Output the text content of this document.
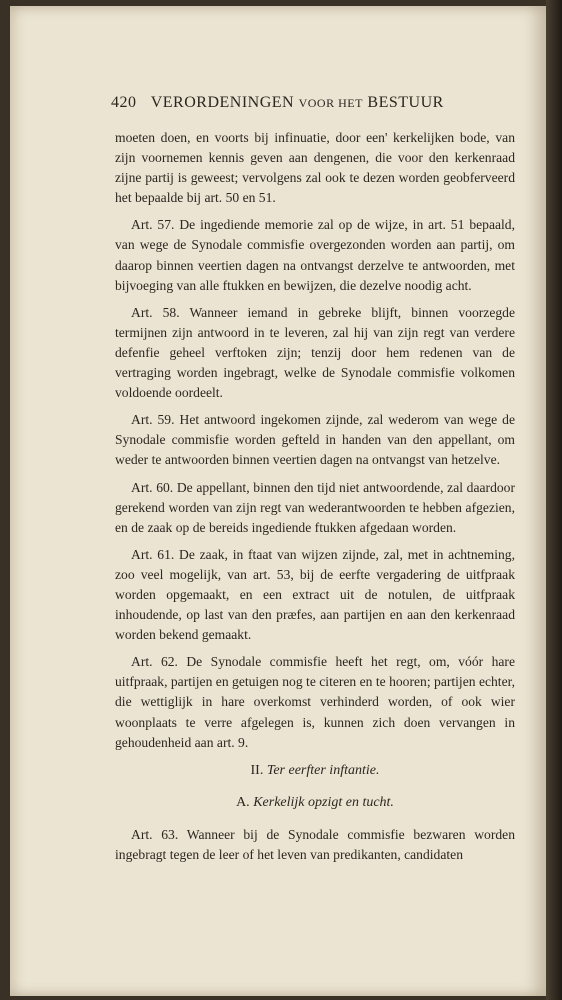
420 VERORDENINGEN VOOR HET BESTUUR

moeten doen, en voorts bij infinuatie, door een' kerkelijken bode, van zijn voornemen kennis geven aan dengenen, die voor den kerkenraad zijne partij is geweest; vervolgens zal ook te dezen worden geobferveerd het bepaalde bij art. 50 en 51.

Art. 57. De ingediende memorie zal op de wijze, in art. 51 bepaald, van wege de Synodale commisfie overgezonden worden aan partij, om daarop binnen veertien dagen na ontvangst derzelve te antwoorden, met bijvoeging van alle ftukken en bewijzen, die dezelve noodig acht.

Art. 58. Wanneer iemand in gebreke blijft, binnen voorzegde termijnen zijn antwoord in te leveren, zal hij van zijn regt van verdere defenfie geheel verftoken zijn; tenzij door hem redenen van de vertraging worden ingebragt, welke de Synodale commisfie volkomen voldoende oordeelt.

Art. 59. Het antwoord ingekomen zijnde, zal wederom van wege de Synodale commisfie worden gefteld in handen van den appellant, om weder te antwoorden binnen veertien dagen na ontvangst van hetzelve.

Art. 60. De appellant, binnen den tijd niet antwoordende, zal daardoor gerekend worden van zijn regt van wederantwoorden te hebben afgezien, en de zaak op de bereids ingediende ftukken afgedaan worden.

Art. 61. De zaak, in ftaat van wijzen zijnde, zal, met in achtneming, zoo veel mogelijk, van art. 53, bij de eerfte vergadering de uitfpraak worden opgemaakt, en een extract uit de notulen, de uitfpraak inhoudende, op last van den præfes, aan partijen en aan den kerkenraad worden bekend gemaakt.

Art. 62. De Synodale commisfie heeft het regt, om, vóór hare uitfpraak, partijen en getuigen nog te citeren en te hooren; partijen echter, die wettiglijk in hare overkomst verhinderd worden, of ook wier woonplaats te verre afgelegen is, kunnen zich doen vervangen in gehoudenheid aan art. 9.

II. Ter eerfter inftantie.
A. Kerkelijk opzigt en tucht.

Art. 63. Wanneer bij de Synodale commisfie bezwaren worden ingebragt tegen de leer of het leven van predikanten, candidaten
